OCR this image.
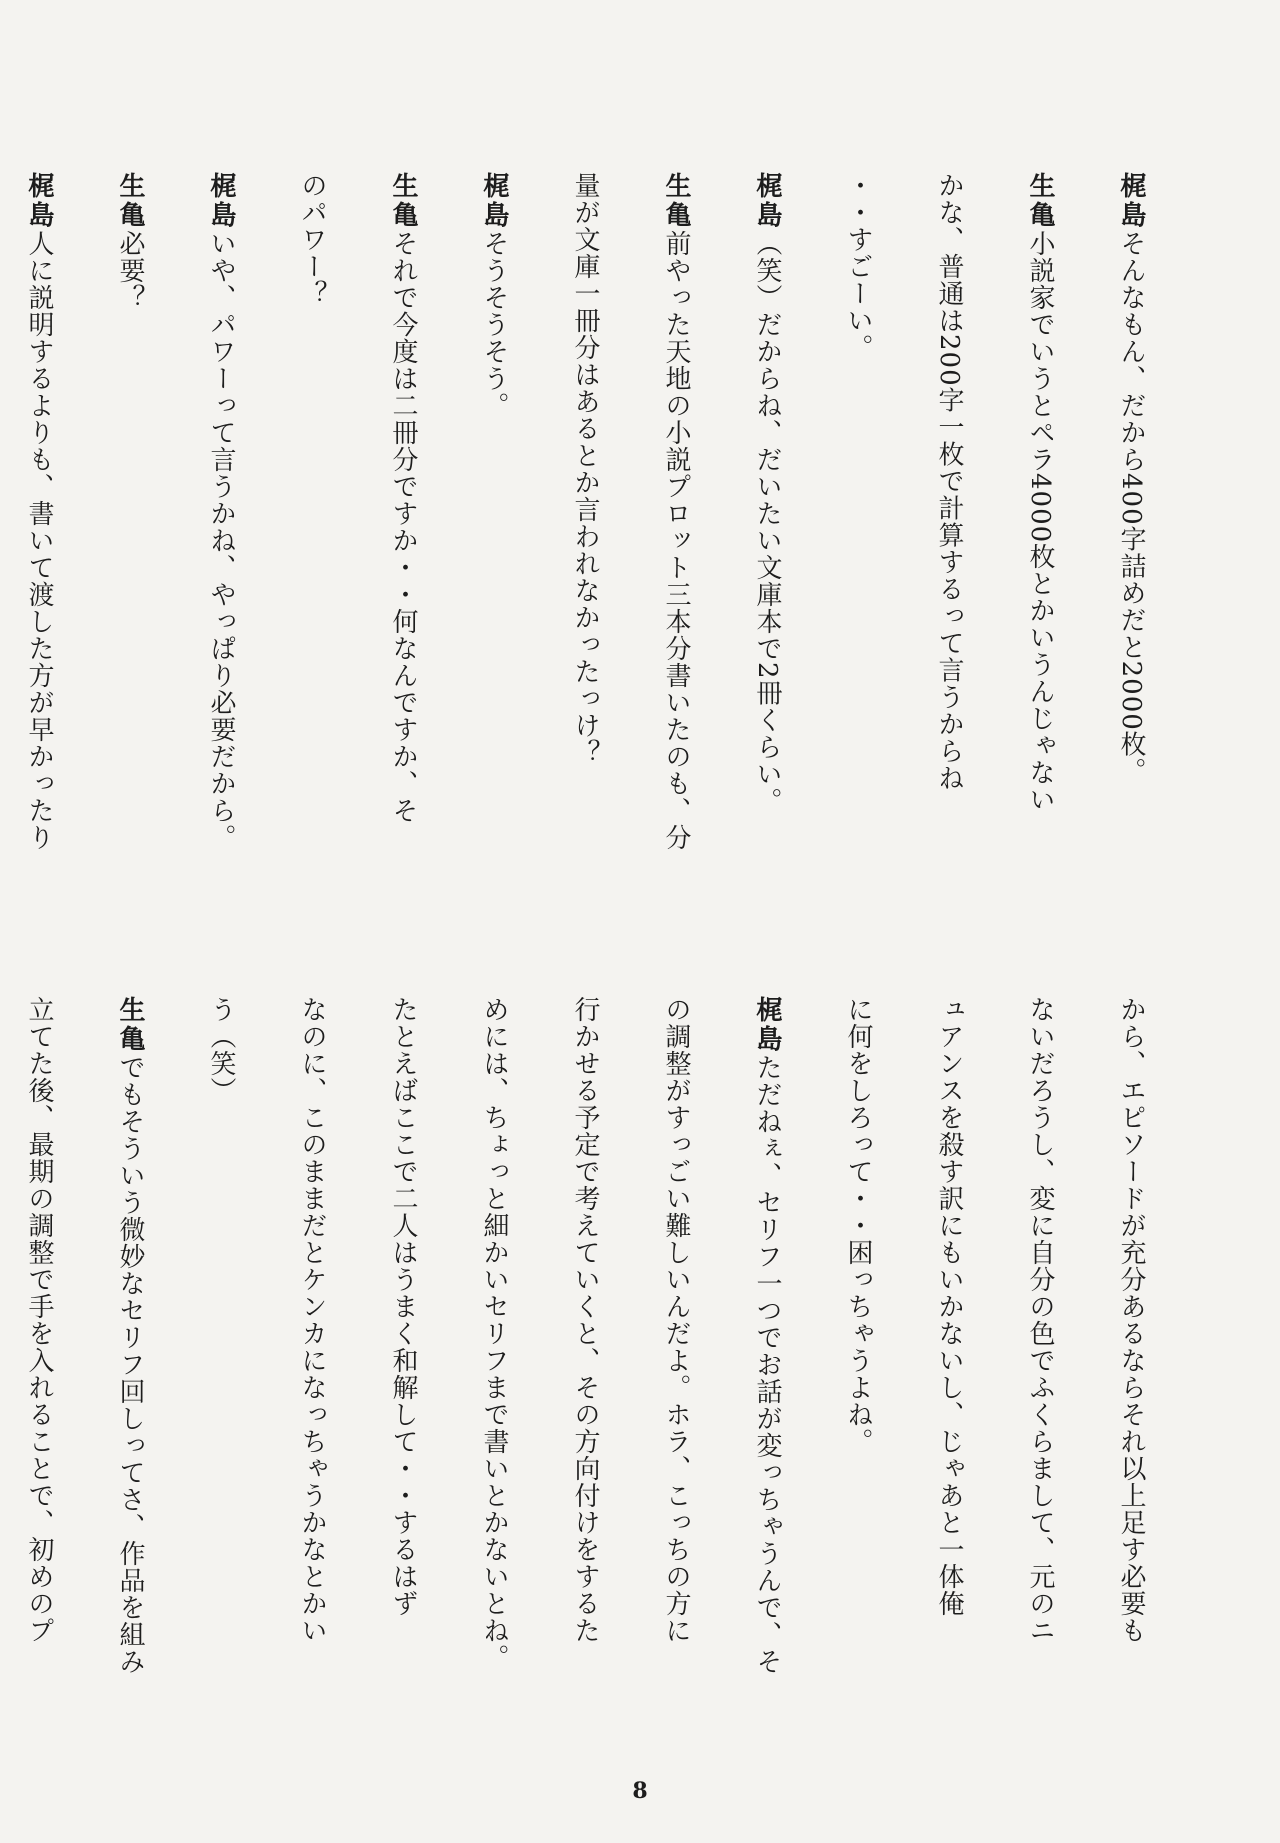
梶島
そんなもん、だから400字詰めだと2000枚。
生亀
小説家でいうとペラ4000枚とかいうんじゃない
かな、普通は200字一枚で計算するって言うからね
・・すごーい。
梶島
（笑）だからね、だいたい文庫本で2冊くらい。
生亀
前やった天地の小説プロット三本分書いたのも、分
量が文庫一冊分はあるとか言われなかったっけ？
梶島
そうそうそう。
生亀
それで今度は二冊分ですか・・何なんですか、そ
のパワー？
梶島
いや、パワーって言うかね、やっぱり必要だから。
生亀
必要？
梶島
人に説明するよりも、書いて渡した方が早かったり
から、エピソードが充分あるならそれ以上足す必要も
ないだろうし、変に自分の色でふくらまして、元のニ
ュアンスを殺す訳にもいかないし、じゃあと一体俺
に何をしろって・・困っちゃうよね。
梶島
ただねぇ、セリフ一つでお話が変っちゃうんで、そ
の調整がすっごい難しいんだよ。ホラ、こっちの方に
行かせる予定で考えていくと、その方向付けをするた
めには、ちょっと細かいセリフまで書いとかないとね。
たとえばここで二人はうまく和解して・・するはず
なのに、このままだとケンカになっちゃうかなとかい
う（笑）
生亀
でもそういう微妙なセリフ回しってさ、作品を組み
立てた後、最期の調整で手を入れることで、初めのプ
8
